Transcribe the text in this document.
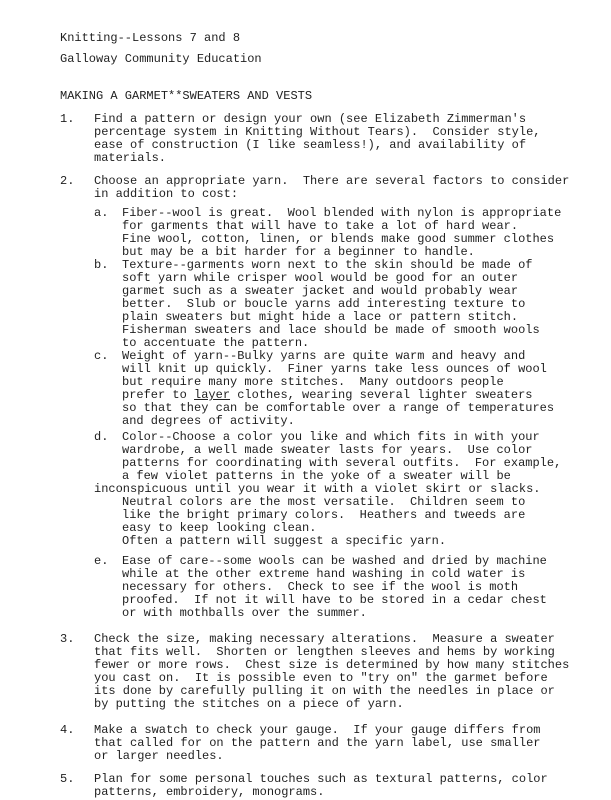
Knitting--Lessons 7 and 8
Galloway Community Education
MAKING A GARMET**SWEATERS AND VESTS
1. Find a pattern or design your own (see Elizabeth Zimmerman's
percentage system in Knitting Without Tears).  Consider style,
ease of construction (I like seamless!), and availability of
materials.
2. Choose an appropriate yarn.  There are several factors to consider
in addition to cost:
a. Fiber--wool is great.  Wool blended with nylon is appropriate
for garments that will have to take a lot of hard wear.
Fine wool, cotton, linen, or blends make good summer clothes
but may be a bit harder for a beginner to handle.
b. Texture--garments worn next to the skin should be made of
soft yarn while crisper wool would be good for an outer
garmet such as a sweater jacket and would probably wear
better.  Slub or boucle yarns add interesting texture to
plain sweaters but might hide a lace or pattern stitch.
Fisherman sweaters and lace should be made of smooth wools
to accentuate the pattern.
c. Weight of yarn--Bulky yarns are quite warm and heavy and
will knit up quickly.  Finer yarns take less ounces of wool
but require many more stitches.  Many outdoors people
prefer to layer clothes, wearing several lighter sweaters
so that they can be comfortable over a range of temperatures
and degrees of activity.
d. Color--Choose a color you like and which fits in with your
wardrobe, a well made sweater lasts for years.  Use color
patterns for coordinating with several outfits.  For example,
a few violet patterns in the yoke of a sweater will be
inconspicuous until you wear it with a violet skirt or slacks.
Neutral colors are the most versatile.  Children seem to
like the bright primary colors.  Heathers and tweeds are
easy to keep looking clean.
Often a pattern will suggest a specific yarn.
e. Ease of care--some wools can be washed and dried by machine
while at the other extreme hand washing in cold water is
necessary for others.  Check to see if the wool is moth
proofed.  If not it will have to be stored in a cedar chest
or with mothballs over the summer.
3. Check the size, making necessary alterations.  Measure a sweater
that fits well.  Shorten or lengthen sleeves and hems by working
fewer or more rows.  Chest size is determined by how many stitches
you cast on.  It is possible even to "try on" the garmet before
its done by carefully pulling it on with the needles in place or
by putting the stitches on a piece of yarn.
4. Make a swatch to check your gauge.  If your gauge differs from
that called for on the pattern and the yarn label, use smaller
or larger needles.
5. Plan for some personal touches such as textural patterns, color
patterns, embroidery, monograms.
